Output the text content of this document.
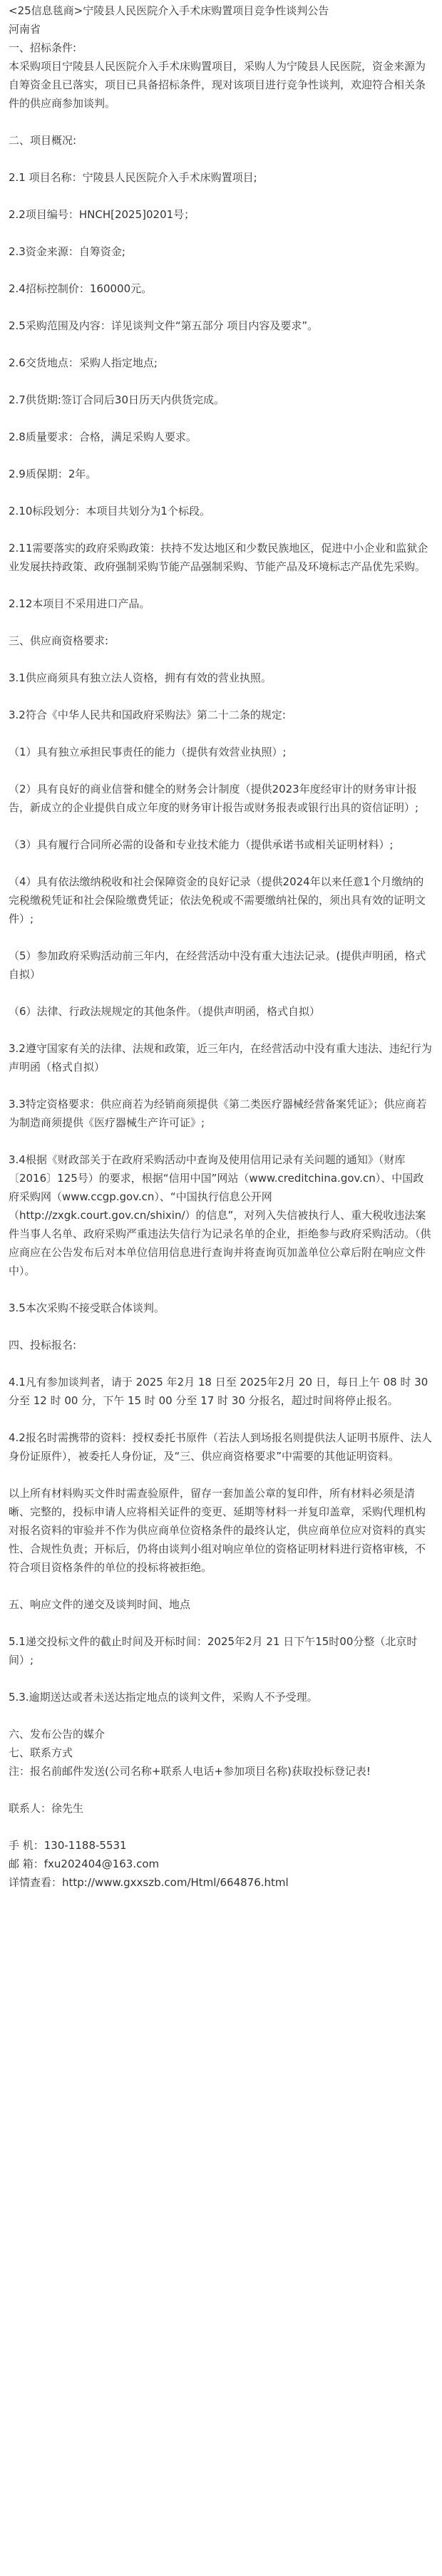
<25信息毯商>宁陵县人民医院介入手术床购置项目竞争性谈判公告
河南省
一、招标条件:
本采购项目宁陵县人民医院介入手术床购置项目，采购人为宁陵县人民医院，资金来源为自筹资金且已落实，项目已具备招标条件，现对该项目进行竞争性谈判，欢迎符合相关条件的供应商参加谈判。
二、项目概况:
2.1 项目名称：宁陵县人民医院介入手术床购置项目;
2.2项目编号：HNCH[2025]0201号；
2.3资金来源：自筹资金;
2.4招标控制价：160000元。
2.5采购范围及内容：详见谈判文件“第五部分 项目内容及要求”。
2.6交货地点：采购人指定地点;
2.7供货期:签订合同后30日历天内供货完成。
2.8质量要求：合格，满足采购人要求。
2.9质保期：2年。
2.10标段划分：本项目共划分为1个标段。
2.11需要落实的政府采购政策：扶持不发达地区和少数民族地区，促进中小企业和监狱企业发展扶持政策、政府强制采购节能产品强制采购、节能产品及环境标志产品优先采购。
2.12本项目不采用进口产品。
三、供应商资格要求:
3.1供应商须具有独立法人资格，拥有有效的营业执照。
3.2符合《中华人民共和国政府采购法》第二十二条的规定:
（1）具有独立承担民事责任的能力（提供有效营业执照）;
（2）具有良好的商业信誉和健全的财务会计制度（提供2023年度经审计的财务审计报告，新成立的企业提供自成立年度的财务审计报告或财务报表或银行出具的资信证明）;
（3）具有履行合同所必需的设备和专业技术能力（提供承诺书或相关证明材料）;
（4）具有依法缴纳税收和社会保障资金的良好记录（提供2024年以来任意1个月缴纳的完税缴税凭证和社会保险缴费凭证；依法免税或不需要缴纳社保的，须出具有效的证明文件）;
（5）参加政府采购活动前三年内，在经营活动中没有重大违法记录。(提供声明函，格式自拟）
（6）法律、行政法规规定的其他条件。（提供声明函，格式自拟）
3.2遵守国家有关的法律、法规和政策，近三年内，在经营活动中没有重大违法、违纪行为声明函（格式自拟）
3.3特定资格要求：供应商若为经销商须提供《第二类医疗器械经营备案凭证》；供应商若为制造商须提供《医疗器械生产许可证》;
3.4根据《财政部关于在政府采购活动中查询及使用信用记录有关问题的通知》（财库〔2016〕125号）的要求，根据“信用中国”网站（www.creditchina.gov.cn）、中国政府采购网（www.ccgp.gov.cn）、“中国执行信息公开网（http://zxgk.court.gov.cn/shixin/）的信息”，对列入失信被执行人、重大税收违法案件当事人名单、政府采购严重违法失信行为记录名单的企业，拒绝参与政府采购活动。（供应商应在公告发布后对本单位信用信息进行查询并将查询页加盖单位公章后附在响应文件中）。
3.5本次采购不接受联合体谈判。
四、投标报名:
4.1凡有参加谈判者，请于 2025 年2月 18 日至 2025年2月 20 日，每日上午 08 时 30 分至 12 时 00 分，下午 15 时 00 分至 17 时 30 分报名，超过时间将停止报名。
4.2报名时需携带的资料：授权委托书原件（若法人到场报名则提供法人证明书原件、法人身份证原件），被委托人身份证，及“三、供应商资格要求”中需要的其他证明资料。
以上所有材料购买文件时需查验原件，留存一套加盖公章的复印件，所有材料必须是清晰、完整的，投标申请人应将相关证件的变更、延期等材料一并复印盖章，采购代理机构对报名资料的审验并不作为供应商单位资格条件的最终认定，供应商单位应对资料的真实性、合规性负责；开标后，仍将由谈判小组对响应单位的资格证明材料进行资格审核，不符合项目资格条件的单位的投标将被拒绝。
五、响应文件的递交及谈判时间、地点
5.1递交投标文件的截止时间及开标时间：2025年2月 21 日下午15时00分整（北京时间）;
5.3.逾期送达或者未送达指定地点的谈判文件，采购人不予受理。
六、发布公告的媒介
七、联系方式
注：报名前邮件发送(公司名称+联系人电话+参加项目名称)获取投标登记表!
联系人：徐先生
手 机：130-1188-5531
邮 箱：fxu202404@163.com
详情查看：http://www.gxxszb.com/Html/664876.html
